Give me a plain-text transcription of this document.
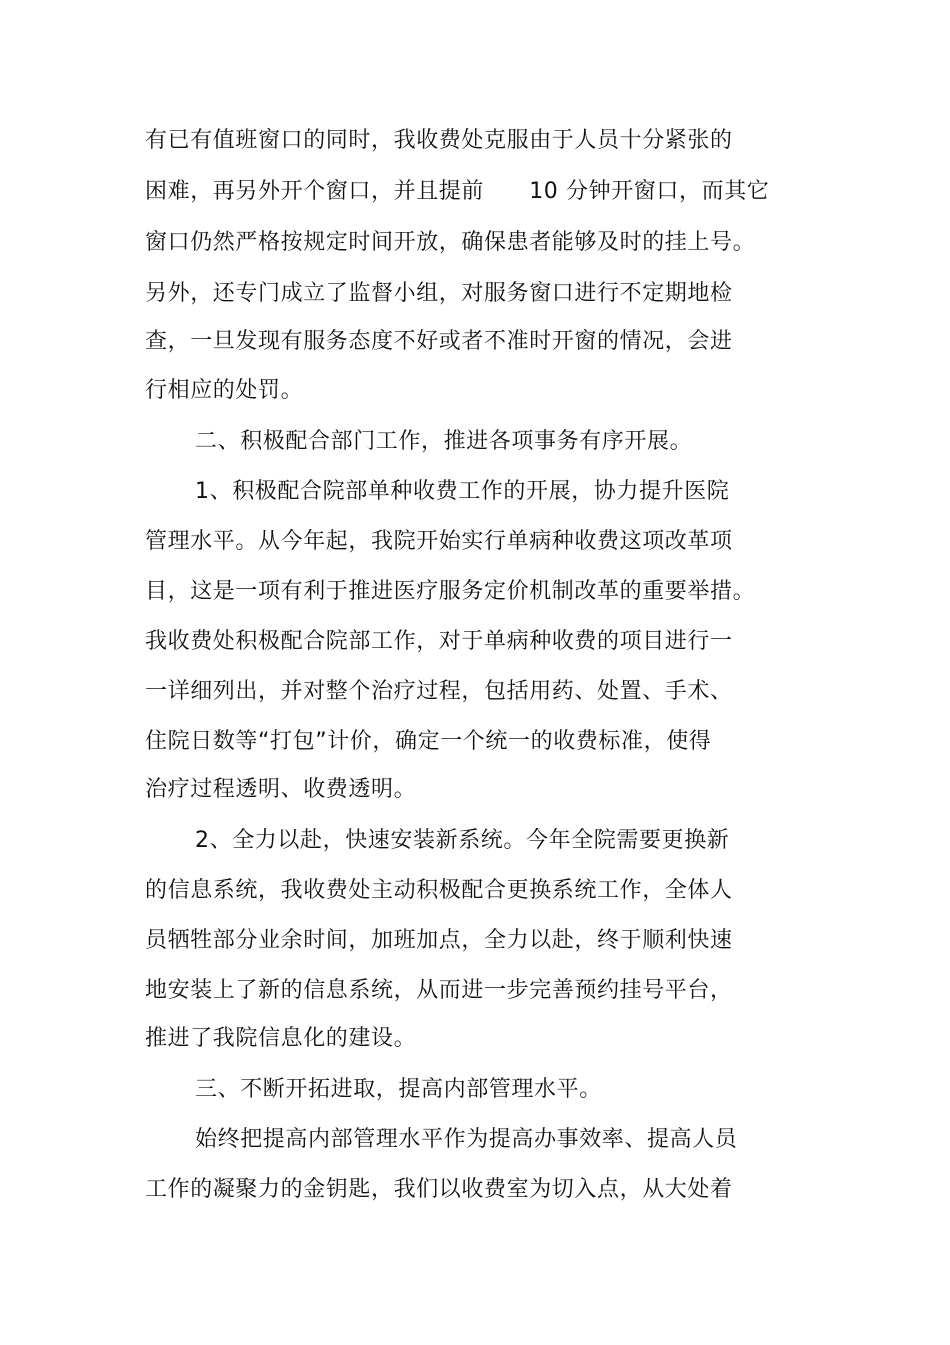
有已有值班窗口的同时，我收费处克服由于人员十分紧张的
困难，再另外开个窗口，并且提前　　10 分钟开窗口，而其它
窗口仍然严格按规定时间开放，确保患者能够及时的挂上号。
另外，还专门成立了监督小组，对服务窗口进行不定期地检
查，一旦发现有服务态度不好或者不准时开窗的情况，会进
行相应的处罚。
二、积极配合部门工作，推进各项事务有序开展。
1、积极配合院部单种收费工作的开展，协力提升医院
管理水平。从今年起，我院开始实行单病种收费这项改革项
目，这是一项有利于推进医疗服务定价机制改革的重要举措。
我收费处积极配合院部工作，对于单病种收费的项目进行一
一详细列出，并对整个治疗过程，包括用药、处置、手术、
住院日数等“打包”计价，确定一个统一的收费标准，使得
治疗过程透明、收费透明。
2、全力以赴，快速安装新系统。今年全院需要更换新
的信息系统，我收费处主动积极配合更换系统工作，全体人
员牺牲部分业余时间，加班加点，全力以赴，终于顺利快速
地安装上了新的信息系统，从而进一步完善预约挂号平台，
推进了我院信息化的建设。
三、不断开拓进取，提高内部管理水平。
始终把提高内部管理水平作为提高办事效率、提高人员
工作的凝聚力的金钥匙，我们以收费室为切入点，从大处着
